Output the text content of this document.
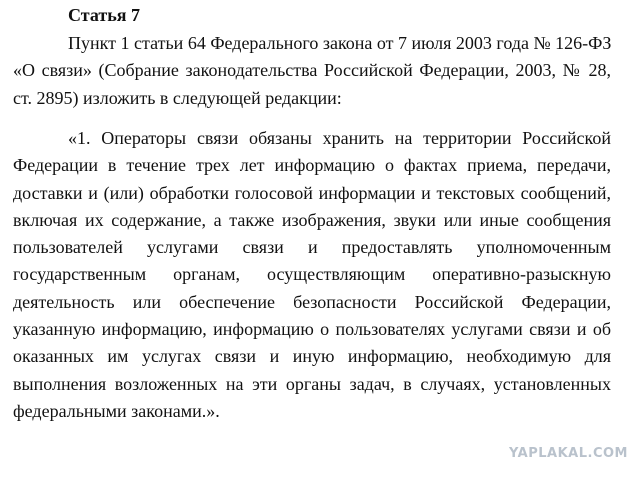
Статья 7
Пункт 1 статьи 64 Федерального закона от 7 июля 2003 года № 126-ФЗ
«О связи» (Собрание законодательства Российской Федерации, 2003, № 28,
ст. 2895) изложить в следующей редакции:
«1. Операторы связи обязаны хранить на территории Российской
Федерации в течение трех лет информацию о фактах приема, передачи,
доставки и (или) обработки голосовой информации и текстовых сообщений,
включая их содержание, а также изображения, звуки или иные сообщения
пользователей услугами связи и предоставлять уполномоченным
государственным органам, осуществляющим оперативно-разыскную
деятельность или обеспечение безопасности Российской Федерации,
указанную информацию, информацию о пользователях услугами связи и об
оказанных им услугах связи и иную информацию, необходимую для
выполнения возложенных на эти органы задач, в случаях, установленных
федеральными законами.».
YAPLAKAL.COM
